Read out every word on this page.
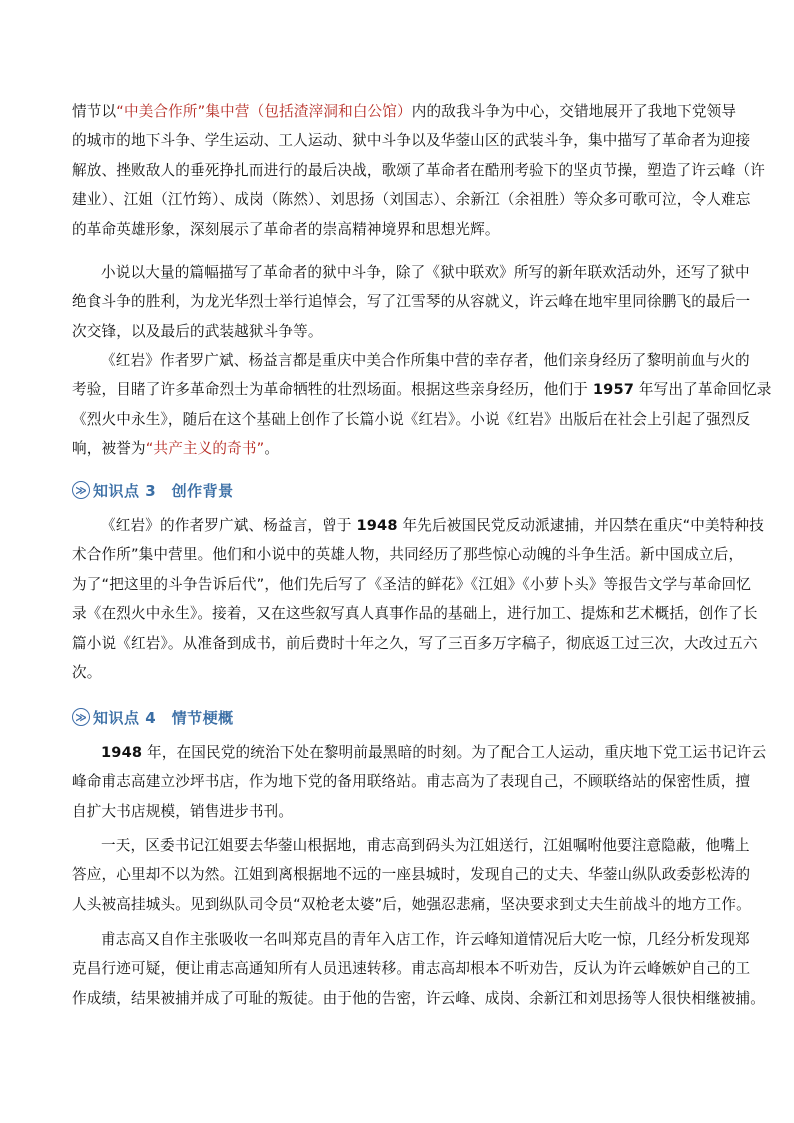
情节以“中美合作所”集中营（包括渣滓洞和白公馆）内的敌我斗争为中心，交错地展开了我地下党领导
的城市的地下斗争、学生运动、工人运动、狱中斗争以及华蓥山区的武装斗争，集中描写了革命者为迎接
解放、挫败敌人的垂死挣扎而进行的最后决战，歌颂了革命者在酷刑考验下的坚贞节操，塑造了许云峰（许
建业）、江姐（江竹筠）、成岗（陈然）、刘思扬（刘国志）、余新江（余祖胜）等众多可歌可泣，令人难忘
的革命英雄形象，深刻展示了革命者的崇高精神境界和思想光辉。

小说以大量的篇幅描写了革命者的狱中斗争，除了《狱中联欢》所写的新年联欢活动外，还写了狱中
绝食斗争的胜利，为龙光华烈士举行追悼会，写了江雪琴的从容就义，许云峰在地牢里同徐鹏飞的最后一
次交锋，以及最后的武装越狱斗争等。

《红岩》作者罗广斌、杨益言都是重庆中美合作所集中营的幸存者，他们亲身经历了黎明前血与火的
考验，目睹了许多革命烈士为革命牺牲的壮烈场面。根据这些亲身经历，他们于 1957 年写出了革命回忆录
《烈火中永生》，随后在这个基础上创作了长篇小说《红岩》。小说《红岩》出版后在社会上引起了强烈反
响，被誉为“共产主义的奇书”。

≫ 知识点 3　创作背景

《红岩》的作者罗广斌、杨益言，曾于 1948 年先后被国民党反动派逮捕，并囚禁在重庆“中美特种技
术合作所”集中营里。他们和小说中的英雄人物，共同经历了那些惊心动魄的斗争生活。新中国成立后，
为了“把这里的斗争告诉后代”，他们先后写了《圣洁的鲜花》《江姐》《小萝卜头》等报告文学与革命回忆
录《在烈火中永生》。接着，又在这些叙写真人真事作品的基础上，进行加工、提炼和艺术概括，创作了长
篇小说《红岩》。从准备到成书，前后费时十年之久，写了三百多万字稿子，彻底返工过三次，大改过五六
次。

≫ 知识点 4　情节梗概

1948 年，在国民党的统治下处在黎明前最黑暗的时刻。为了配合工人运动，重庆地下党工运书记许云
峰命甫志高建立沙坪书店，作为地下党的备用联络站。甫志高为了表现自己，不顾联络站的保密性质，擅
自扩大书店规模，销售进步书刊。

一天，区委书记江姐要去华蓥山根据地，甫志高到码头为江姐送行，江姐嘱咐他要注意隐蔽，他嘴上
答应，心里却不以为然。江姐到离根据地不远的一座县城时，发现自己的丈夫、华蓥山纵队政委彭松涛的
人头被高挂城头。见到纵队司令员“双枪老太婆”后，她强忍悲痛，坚决要求到丈夫生前战斗的地方工作。

甫志高又自作主张吸收一名叫郑克昌的青年入店工作，许云峰知道情况后大吃一惊，几经分析发现郑
克昌行迹可疑，便让甫志高通知所有人员迅速转移。甫志高却根本不听劝告，反认为许云峰嫉妒自己的工
作成绩，结果被捕并成了可耻的叛徒。由于他的告密，许云峰、成岗、余新江和刘思扬等人很快相继被捕。
